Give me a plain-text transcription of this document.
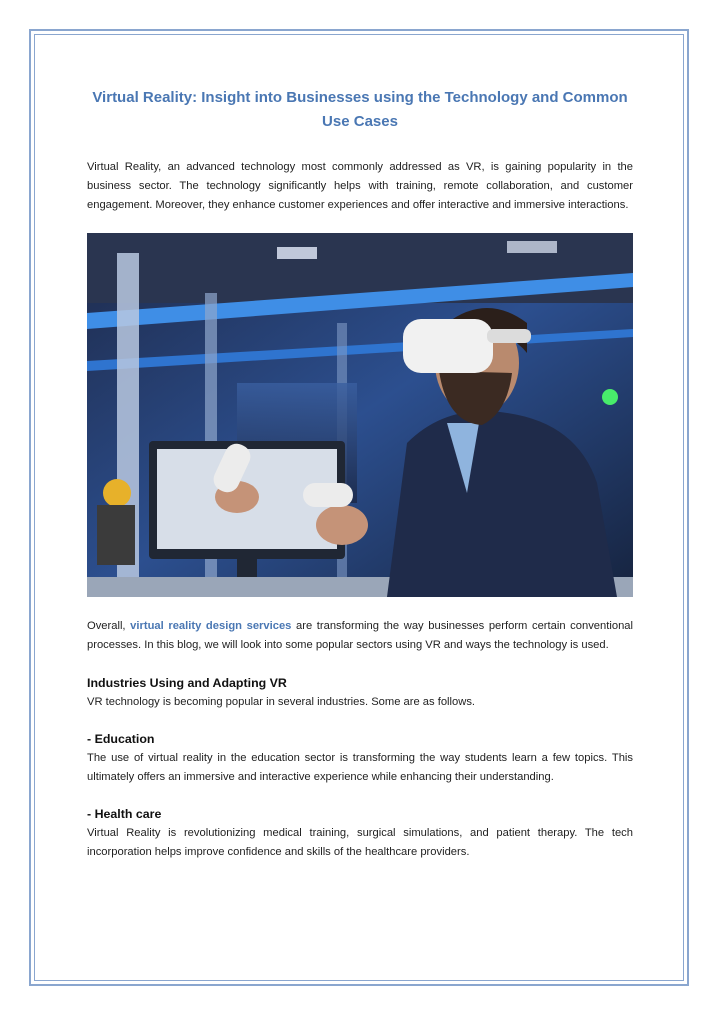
Virtual Reality: Insight into Businesses using the Technology and Common Use Cases

Virtual Reality, an advanced technology most commonly addressed as VR, is gaining popularity in the business sector. The technology significantly helps with training, remote collaboration, and customer engagement. Moreover, they enhance customer experiences and offer interactive and immersive interactions.

Overall, virtual reality design services are transforming the way businesses perform certain conventional processes. In this blog, we will look into some popular sectors using VR and ways the technology is used.

Industries Using and Adapting VR

VR technology is becoming popular in several industries. Some are as follows.

- Education

The use of virtual reality in the education sector is transforming the way students learn a few topics. This ultimately offers an immersive and interactive experience while enhancing their understanding.

- Health care

Virtual Reality is revolutionizing medical training, surgical simulations, and patient therapy. The tech incorporation helps improve confidence and skills of the healthcare providers.
